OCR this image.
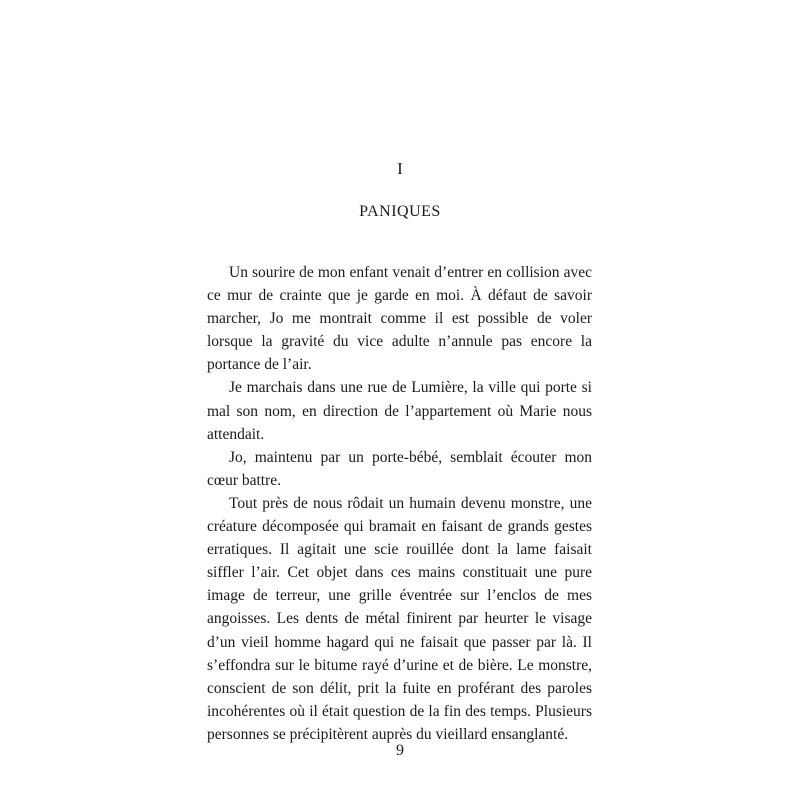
I
PANIQUES

Un sourire de mon enfant venait d’entrer en collision avec ce mur de crainte que je garde en moi. À défaut de savoir marcher, Jo me montrait comme il est possible de voler lorsque la gravité du vice adulte n’annule pas encore la portance de l’air.

Je marchais dans une rue de Lumière, la ville qui porte si mal son nom, en direction de l’appartement où Marie nous attendait.

Jo, maintenu par un porte-bébé, semblait écouter mon cœur battre.

Tout près de nous rôdait un humain devenu monstre, une créature décomposée qui bramait en faisant de grands gestes erratiques. Il agitait une scie rouillée dont la lame faisait siffler l’air. Cet objet dans ces mains constituait une pure image de terreur, une grille éventrée sur l’enclos de mes angoisses. Les dents de métal finirent par heurter le visage d’un vieil homme hagard qui ne faisait que passer par là. Il s’effondra sur le bitume rayé d’urine et de bière. Le monstre, conscient de son délit, prit la fuite en proférant des paroles incohérentes où il était question de la fin des temps. Plusieurs personnes se précipitèrent auprès du vieillard ensanglanté.

9
